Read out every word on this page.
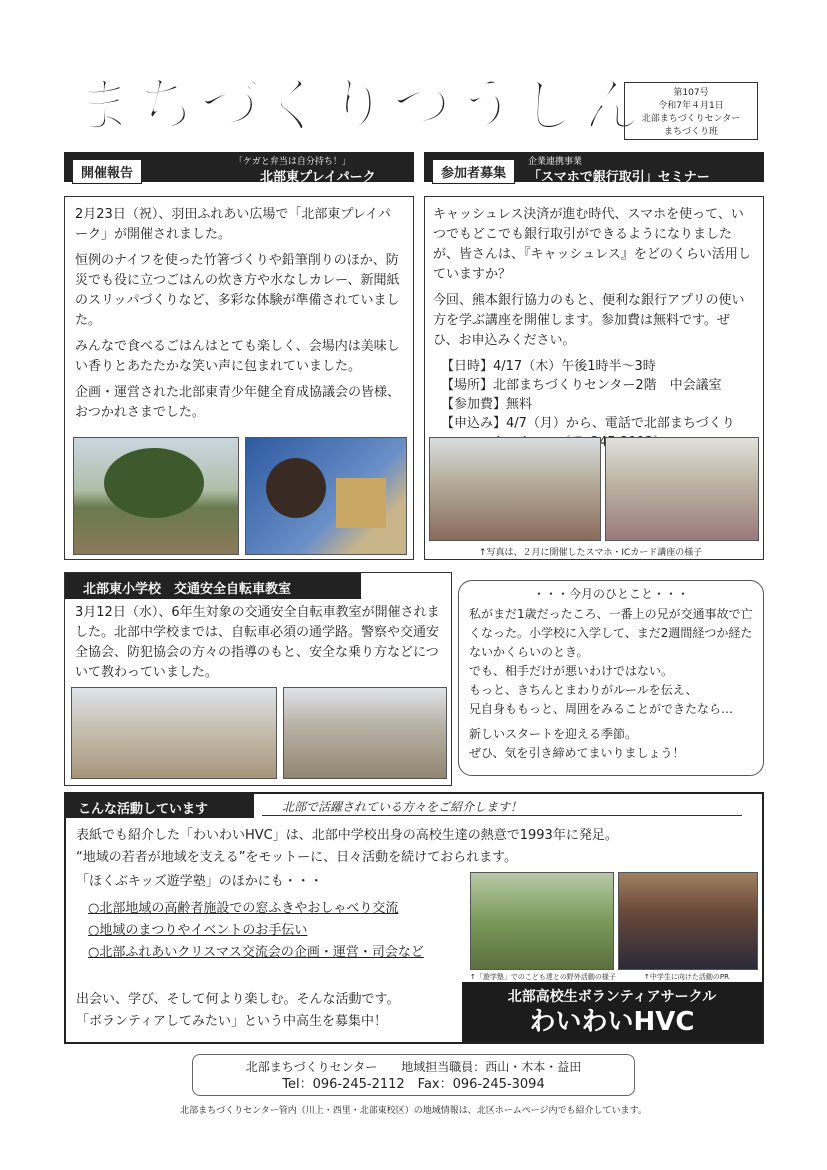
まちづくりつうしん	第107号
令和7年４月1日
北部まちづくりセンター
まちづくり班
開催報告
「ケガと弁当は自分持ち！」
北部東プレイパーク

2月23日（祝）、羽田ふれあい広場で「北部東プレイパーク」が開催されました。

恒例のナイフを使った竹箸づくりや鉛筆削りのほか、防災でも役に立つごはんの炊き方や水なしカレー、新聞紙のスリッパづくりなど、多彩な体験が準備されていました。

みんなで食べるごはんはとても楽しく、会場内は美味しい香りとあたたかな笑い声に包まれていました。

企画・運営された北部東青少年健全育成協議会の皆様、おつかれさまでした。

参加者募集
企業連携事業
「スマホで銀行取引」セミナー

キャッシュレス決済が進む時代、スマホを使って、いつでもどこでも銀行取引ができるようになりましたが、皆さんは、『キャッシュレス』をどのくらい活用していますか？

今回、熊本銀行協力のもと、便利な銀行アプリの使い方を学ぶ講座を開催します。参加費は無料です。ぜひ、お申込みください。

【日時】4/17（木）午後1時半～3時

【場所】北部まちづくりセンター2階　中会議室

【参加費】無料

【申込み】4/7（月）から、電話で北部まちづくり

↑写真は、２月に開催したスマホ・ICカード講座の様子
北部東小学校　交通安全自転車教室

3月12日（水）、6年生対象の交通安全自転車教室が開催されました。北部中学校までは、自転車必須の通学路。警察や交通安全協会、防犯協会の方々の指導のもと、安全な乗り方などについて教わっていました。

・・・今月のひとこと・・・

私がまだ1歳だったころ、一番上の兄が交通事故で亡くなった。小学校に入学して、まだ2週間経つか経たないかくらいのとき。

でも、相手だけが悪いわけではない。

もっと、きちんとまわりがルールを伝え、

兄自身ももっと、周囲をみることができたなら…

新しいスタートを迎える季節。

ぜひ、気を引き締めてまいりましょう！

こんな活動しています	北部で活躍されている方々をご紹介します！

表紙でも紹介した「わいわいHVC」は、北部中学校出身の高校生達の熱意で1993年に発足。

“地域の若者が地域を支える”をモットーに、日々活動を続けておられます。

「ほくぶキッズ遊学塾」のほかにも・・・

○北部地域の高齢者施設での窓ふきやおしゃべり交流
○地域のまつりやイベントのお手伝い
○北部ふれあいクリスマス交流会の企画・運営・司会など

出会い、学び、そして何より楽しむ。そんな活動です。

「ボランティアしてみたい」という中高生を募集中！

↑「遊学塾」でのこども達との野外活動の様子	↑中学生に向けた活動のPR
北部高校生ボランティアサークル
わいわいHVC
北部まちづくりセンター　　地域担当職員：西山・木本・益田
Tel：096-245-2112　Fax：096-245-3094
北部まちづくりセンター管内（川上・西里・北部東校区）の地域情報は、北区ホームページ内でも紹介しています。
